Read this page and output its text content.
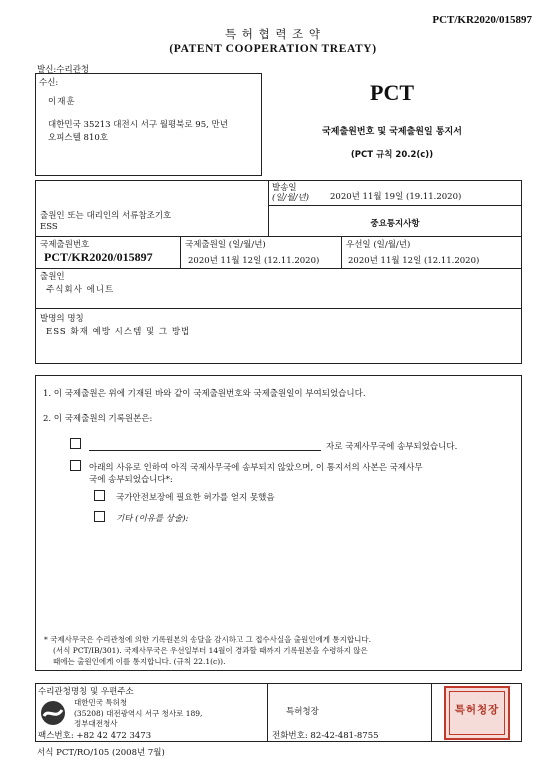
PCT/KR2020/015897
특 허 협 력 조 약
(PATENT COOPERATION TREATY)
발신:수리관청
수신:
이재훈
대한민국 35213 대전시 서구 월평북로 95, 만년
오피스텔 810호
PCT
국제출원번호 및 국제출원일 통지서
(PCT 규칙 20.2(c))
발송일
(일/월/년) 2020년 11월 19일 (19.11.2020)
출원인 또는 대리인의 서류참조기호
ESS	중요통지사항
국제출원번호
PCT/KR2020/015897
국제출원일 (일/월/년)
2020년 11월 12일 (12.11.2020)
우선일 (일/월/년)
2020년 11월 12일 (12.11.2020)
출원인
주식회사 에니트
발명의 명칭
ESS 화재 예방 시스템 및 그 방법
1. 이 국제출원은 위에 기재된 바와 같이 국제출원번호와 국제출원일이 부여되었습니다.
2. 이 국제출원의 기록원본은:
자로 국제사무국에 송부되었습니다.
아래의 사유로 인하여 아직 국제사무국에 송부되지 않았으며, 이 통지서의 사본은 국제사무
국에 송부되었습니다*:
국가안전보장에 필요한 허가를 얻지 못했음
기타 (이유를 상술):
* 국제사무국은 수리관청에 의한 기록원본의 송달을 감시하고 그 접수사실을 출원인에게 통지합니다.
(서식 PCT/IB/301). 국제사무국은 우선일부터 14월이 경과할 때까지 기록원본을 수령하지 않은
때에는 출원인에게 이를 통지합니다. (규칙 22.1(c)).
수리관청명칭 및 우편주소
대한민국 특허청
(35208) 대전광역시 서구 청사로 189,
정부대전청사
팩스번호: +82 42 472 3473
특허청장
전화번호: 82-42-481-8755
특허청장
서식 PCT/RO/105 (2008년 7월)
